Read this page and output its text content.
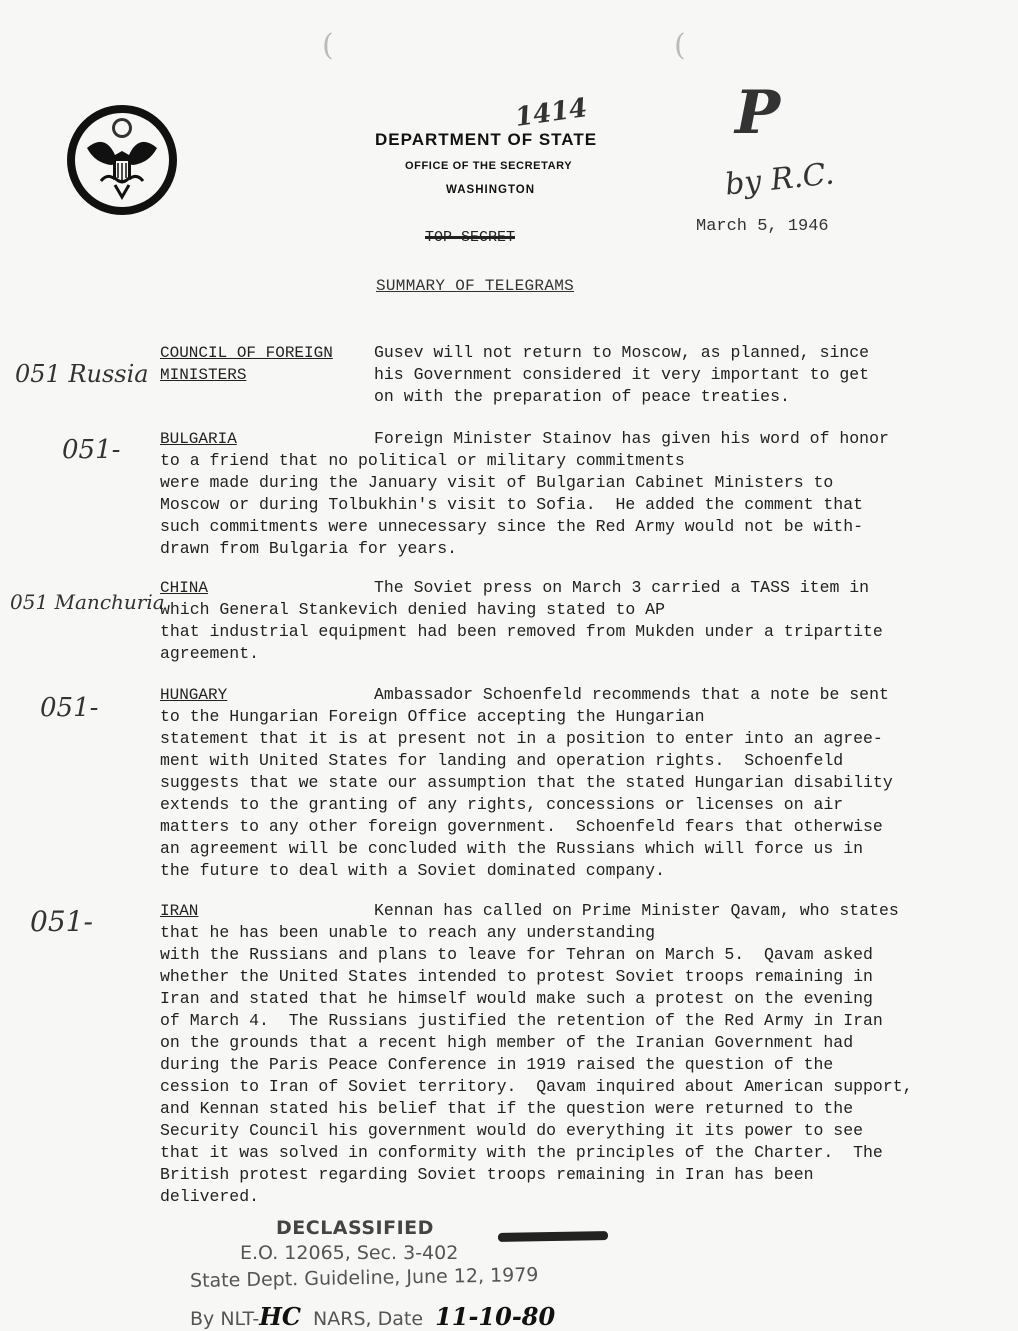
(	(
DEPARTMENT OF STATE
OFFICE OF THE SECRETARY
WASHINGTON
1414 P
by R.C.
March 5, 1946
TOP SECRET
SUMMARY OF TELEGRAMS
051 Russia
COUNCIL OF FOREIGN
MINISTERS
Gusev will not return to Moscow, as planned, since
his Government considered it very important to get
on with the preparation of peace treaties.
051- BULGARIA	Foreign Minister Stainov has given his word of honor
to a friend that no political or military commitments
were made during the January visit of Bulgarian Cabinet Ministers to
Moscow or during Tolbukhin's visit to Sofia.  He added the comment that
such commitments were unnecessary since the Red Army would not be with-
drawn from Bulgaria for years.
051 Manchuria
CHINA	The Soviet press on March 3 carried a TASS item in
which General Stankevich denied having stated to AP
that industrial equipment had been removed from Mukden under a tripartite
agreement.
051-	HUNGARY	Ambassador Schoenfeld recommends that a note be sent
to the Hungarian Foreign Office accepting the Hungarian
statement that it is at present not in a position to enter into an agree-
ment with United States for landing and operation rights.  Schoenfeld
suggests that we state our assumption that the stated Hungarian disability
extends to the granting of any rights, concessions or licenses on air
matters to any other foreign government.  Schoenfeld fears that otherwise
an agreement will be concluded with the Russians which will force us in
the future to deal with a Soviet dominated company.
051-	IRAN	Kennan has called on Prime Minister Qavam, who states
that he has been unable to reach any understanding
with the Russians and plans to leave for Tehran on March 5.  Qavam asked
whether the United States intended to protest Soviet troops remaining in
Iran and stated that he himself would make such a protest on the evening
of March 4.  The Russians justified the retention of the Red Army in Iran
on the grounds that a recent high member of the Iranian Government had
during the Paris Peace Conference in 1919 raised the question of the
cession to Iran of Soviet territory.  Qavam inquired about American support,
and Kennan stated his belief that if the question were returned to the
Security Council his government would do everything it its power to see
that it was solved in conformity with the principles of the Charter.  The
British protest regarding Soviet troops remaining in Iran has been
delivered.
DECLASSIFIED
E.O. 12065, Sec. 3-402
State Dept. Guideline, June 12, 1979
By NLT-HC NARS, Date 11-10-80
